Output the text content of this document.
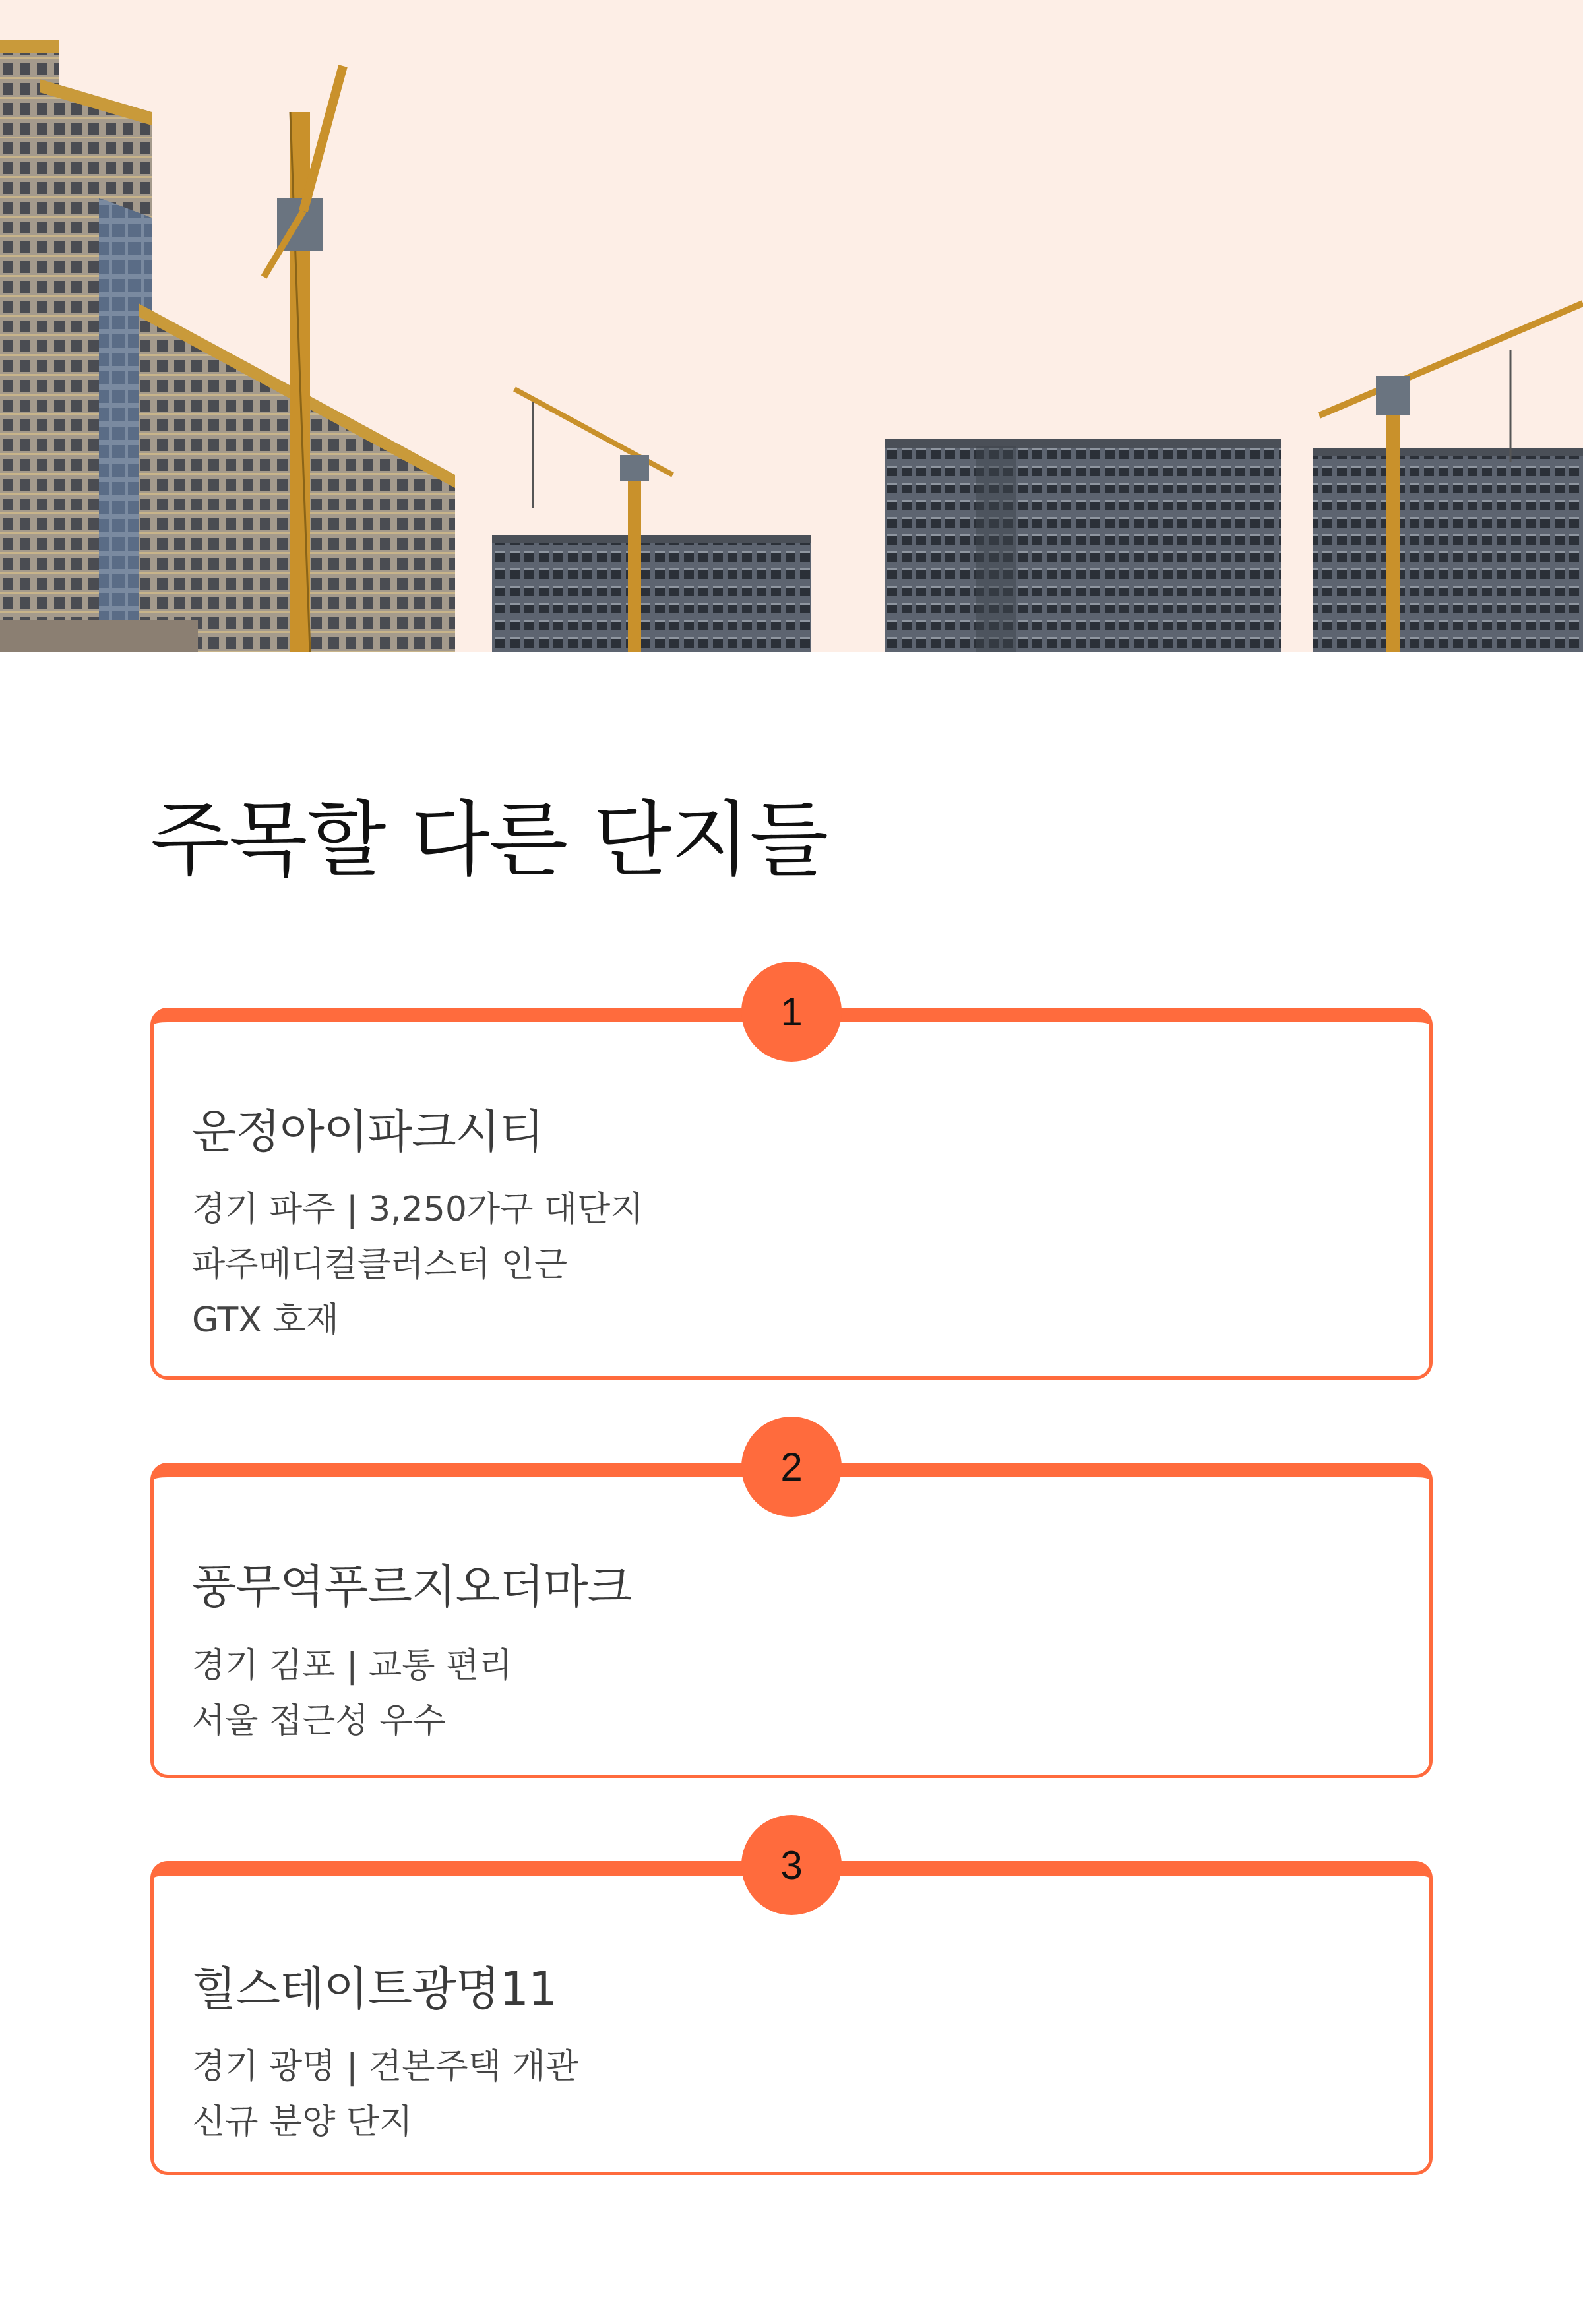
주목할 다른 단지들
1
운정아이파크시티
경기 파주 | 3,250가구 대단지
파주메디컬클러스터 인근
GTX 호재
2
풍무역푸르지오더마크
경기 김포 | 교통 편리
서울 접근성 우수
3
힐스테이트광명11
경기 광명 | 견본주택 개관
신규 분양 단지
